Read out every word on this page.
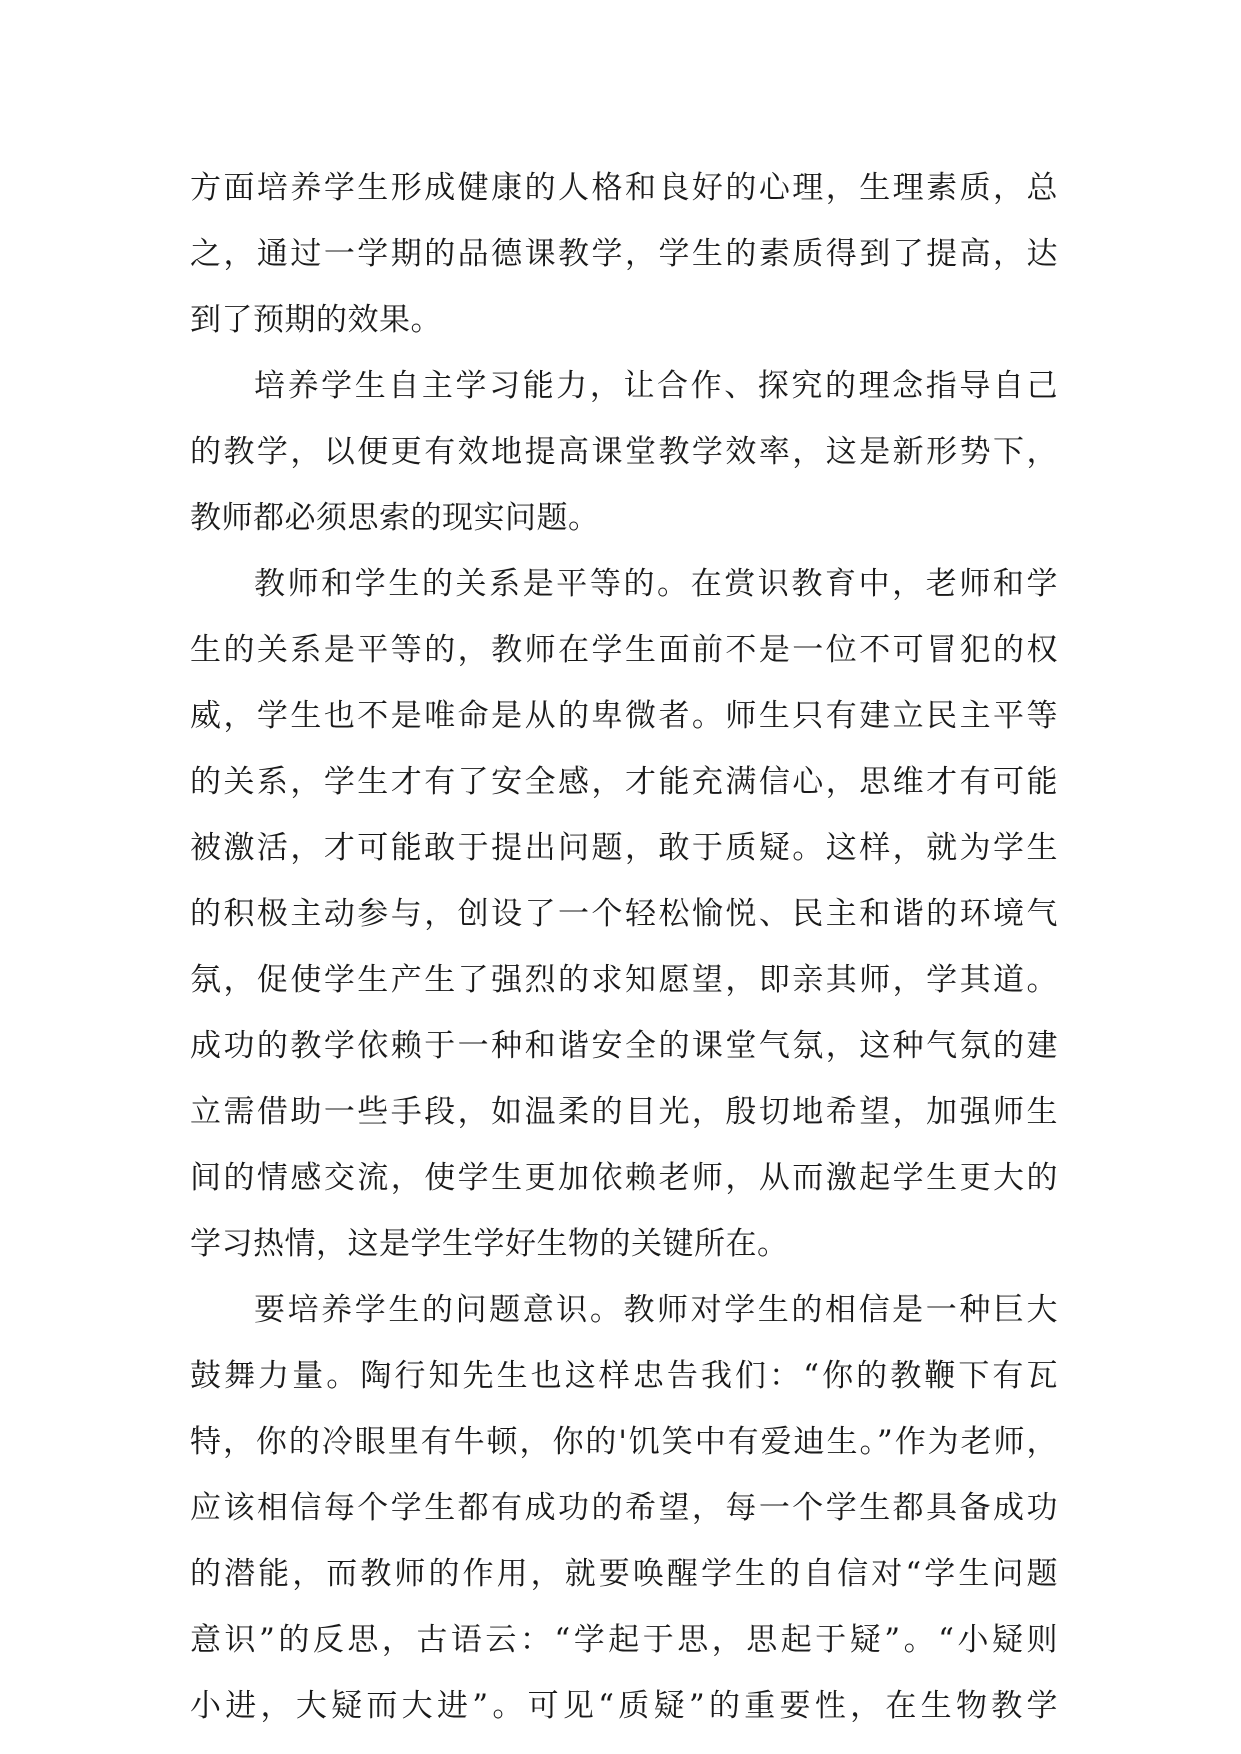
方面培养学生形成健康的人格和良好的心理，生理素质，总
之，通过一学期的品德课教学，学生的素质得到了提高，达
到了预期的效果。
培养学生自主学习能力，让合作、探究的理念指导自己
的教学，以便更有效地提高课堂教学效率，这是新形势下，
教师都必须思索的现实问题。
教师和学生的关系是平等的。在赏识教育中，老师和学
生的关系是平等的，教师在学生面前不是一位不可冒犯的权
威，学生也不是唯命是从的卑微者。师生只有建立民主平等
的关系，学生才有了安全感，才能充满信心，思维才有可能
被激活，才可能敢于提出问题，敢于质疑。这样，就为学生
的积极主动参与，创设了一个轻松愉悦、民主和谐的环境气
氛，促使学生产生了强烈的求知愿望，即亲其师，学其道。
成功的教学依赖于一种和谐安全的课堂气氛，这种气氛的建
立需借助一些手段，如温柔的目光，殷切地希望，加强师生
间的情感交流，使学生更加依赖老师，从而激起学生更大的
学习热情，这是学生学好生物的关键所在。
要培养学生的问题意识。教师对学生的相信是一种巨大
鼓舞力量。陶行知先生也这样忠告我们：“你的教鞭下有瓦
特，你的冷眼里有牛顿，你的'饥笑中有爱迪生。”作为老师，
应该相信每个学生都有成功的希望，每一个学生都具备成功
的潜能，而教师的作用，就要唤醒学生的自信对“学生问题
意识”的反思，古语云：“学起于思，思起于疑”。“小疑则
小进，大疑而大进”。可见“质疑”的重要性，在生物教学
